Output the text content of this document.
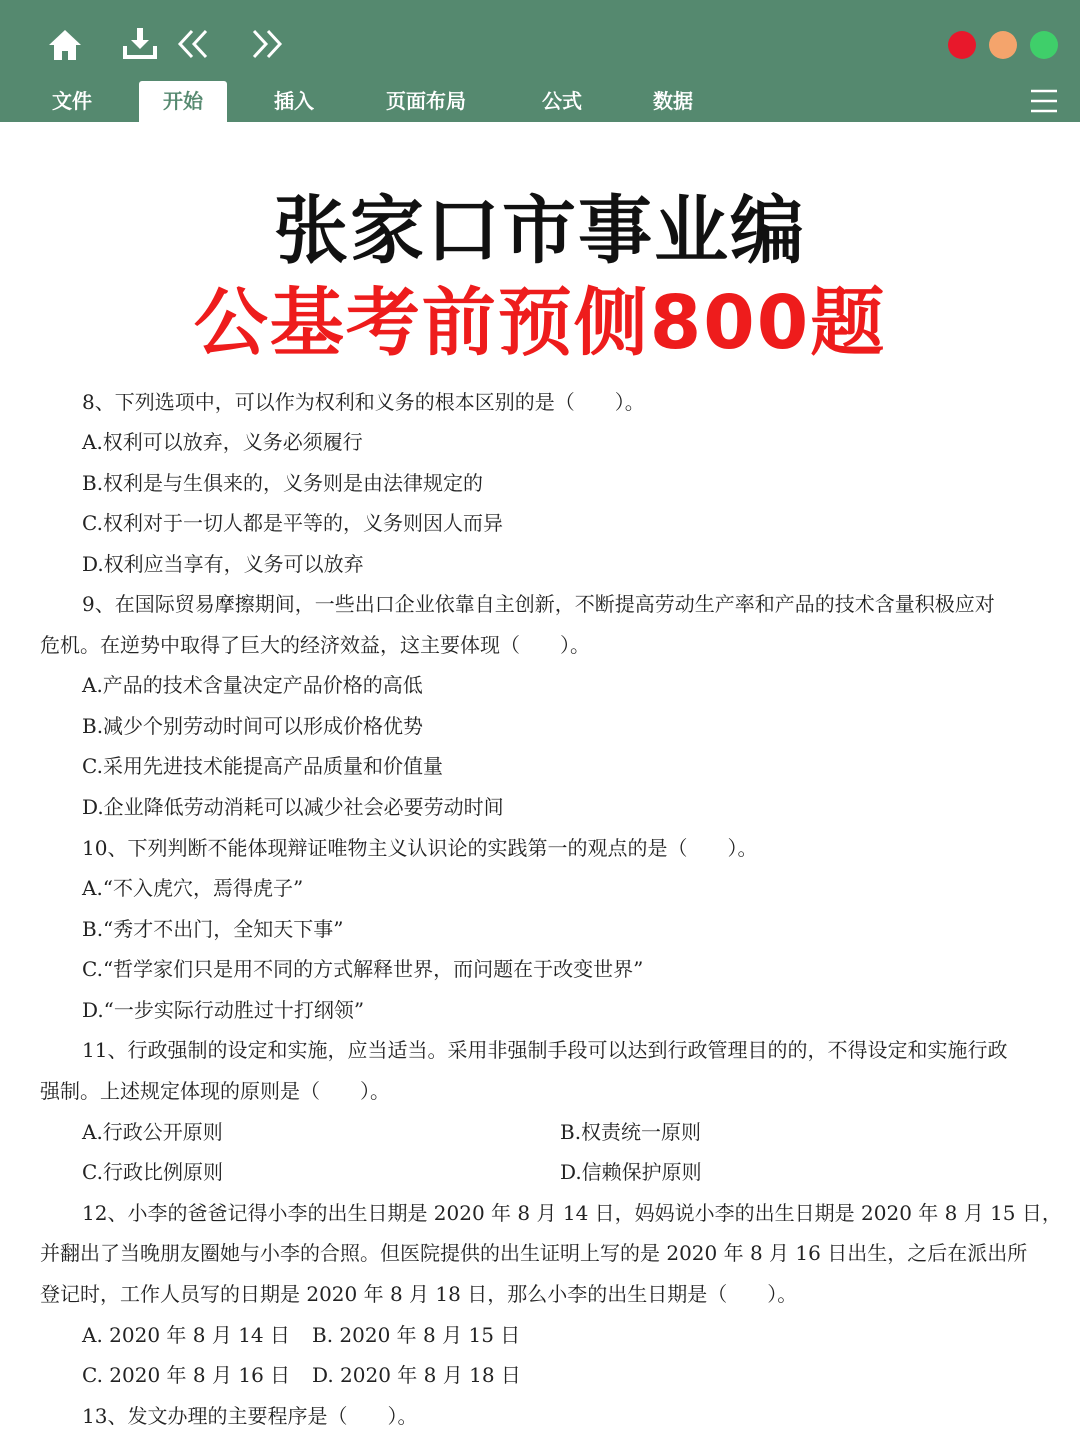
文件	开始	插入	页面布局	公式	数据
张家口市事业编
公基考前预侧800题
8、下列选项中，可以作为权利和义务的根本区别的是（　　）。
A.权利可以放弃，义务必须履行
B.权利是与生俱来的，义务则是由法律规定的
C.权利对于一切人都是平等的，义务则因人而异
D.权利应当享有，义务可以放弃
9、在国际贸易摩擦期间，一些出口企业依靠自主创新，不断提高劳动生产率和产品的技术含量积极应对
危机。在逆势中取得了巨大的经济效益，这主要体现（　　）。
A.产品的技术含量决定产品价格的高低
B.减少个别劳动时间可以形成价格优势
C.采用先进技术能提高产品质量和价值量
D.企业降低劳动消耗可以减少社会必要劳动时间
10、下列判断不能体现辩证唯物主义认识论的实践第一的观点的是（　　）。
A.“不入虎穴，焉得虎子”
B.“秀才不出门，全知天下事”
C.“哲学家们只是用不同的方式解释世界，而问题在于改变世界”
D.“一步实际行动胜过十打纲领”
11、行政强制的设定和实施，应当适当。采用非强制手段可以达到行政管理目的的，不得设定和实施行政
强制。上述规定体现的原则是（　　）。
A.行政公开原则	B.权责统一原则
C.行政比例原则	D.信赖保护原则
12、小李的爸爸记得小李的出生日期是 2020 年 8 月 14 日，妈妈说小李的出生日期是 2020 年 8 月 15 日，
并翻出了当晚朋友圈她与小李的合照。但医院提供的出生证明上写的是 2020 年 8 月 16 日出生，之后在派出所
登记时，工作人员写的日期是 2020 年 8 月 18 日，那么小李的出生日期是（　　）。
A. 2020 年 8 月 14 日 B. 2020 年 8 月 15 日
C. 2020 年 8 月 16 日 D. 2020 年 8 月 18 日
13、发文办理的主要程序是（　　）。
